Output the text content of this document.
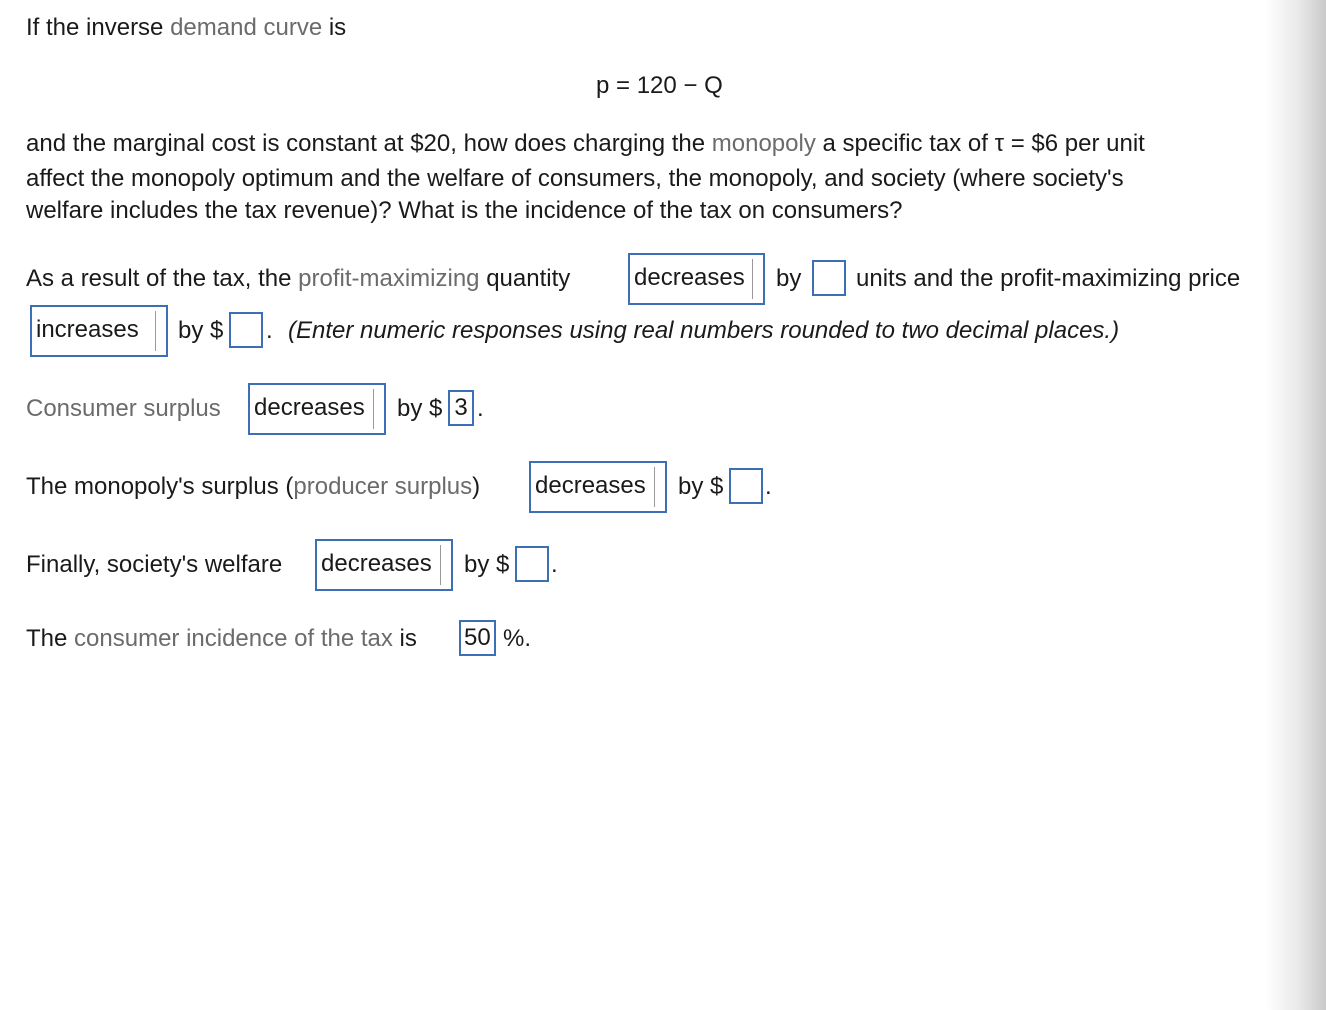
If the inverse demand curve is
p = 120 − Q
and the marginal cost is constant at $20, how does charging the monopoly a specific tax of τ = $6 per unit
affect the monopoly optimum and the welfare of consumers, the monopoly, and society (where society's
welfare includes the tax revenue)? What is the incidence of the tax on consumers?
As a result of the tax, the profit-maximizing quantity	decreases	by units and the profit-maximizing price
increases	by $ . (Enter numeric responses using real numbers rounded to two decimal places.)
Consumer surplus decreases	by $ 3 .
The monopoly's surplus (producer surplus) decreases	by $ .
Finally, society's welfare decreases	by $ .
The consumer incidence of the tax is 50 %.
